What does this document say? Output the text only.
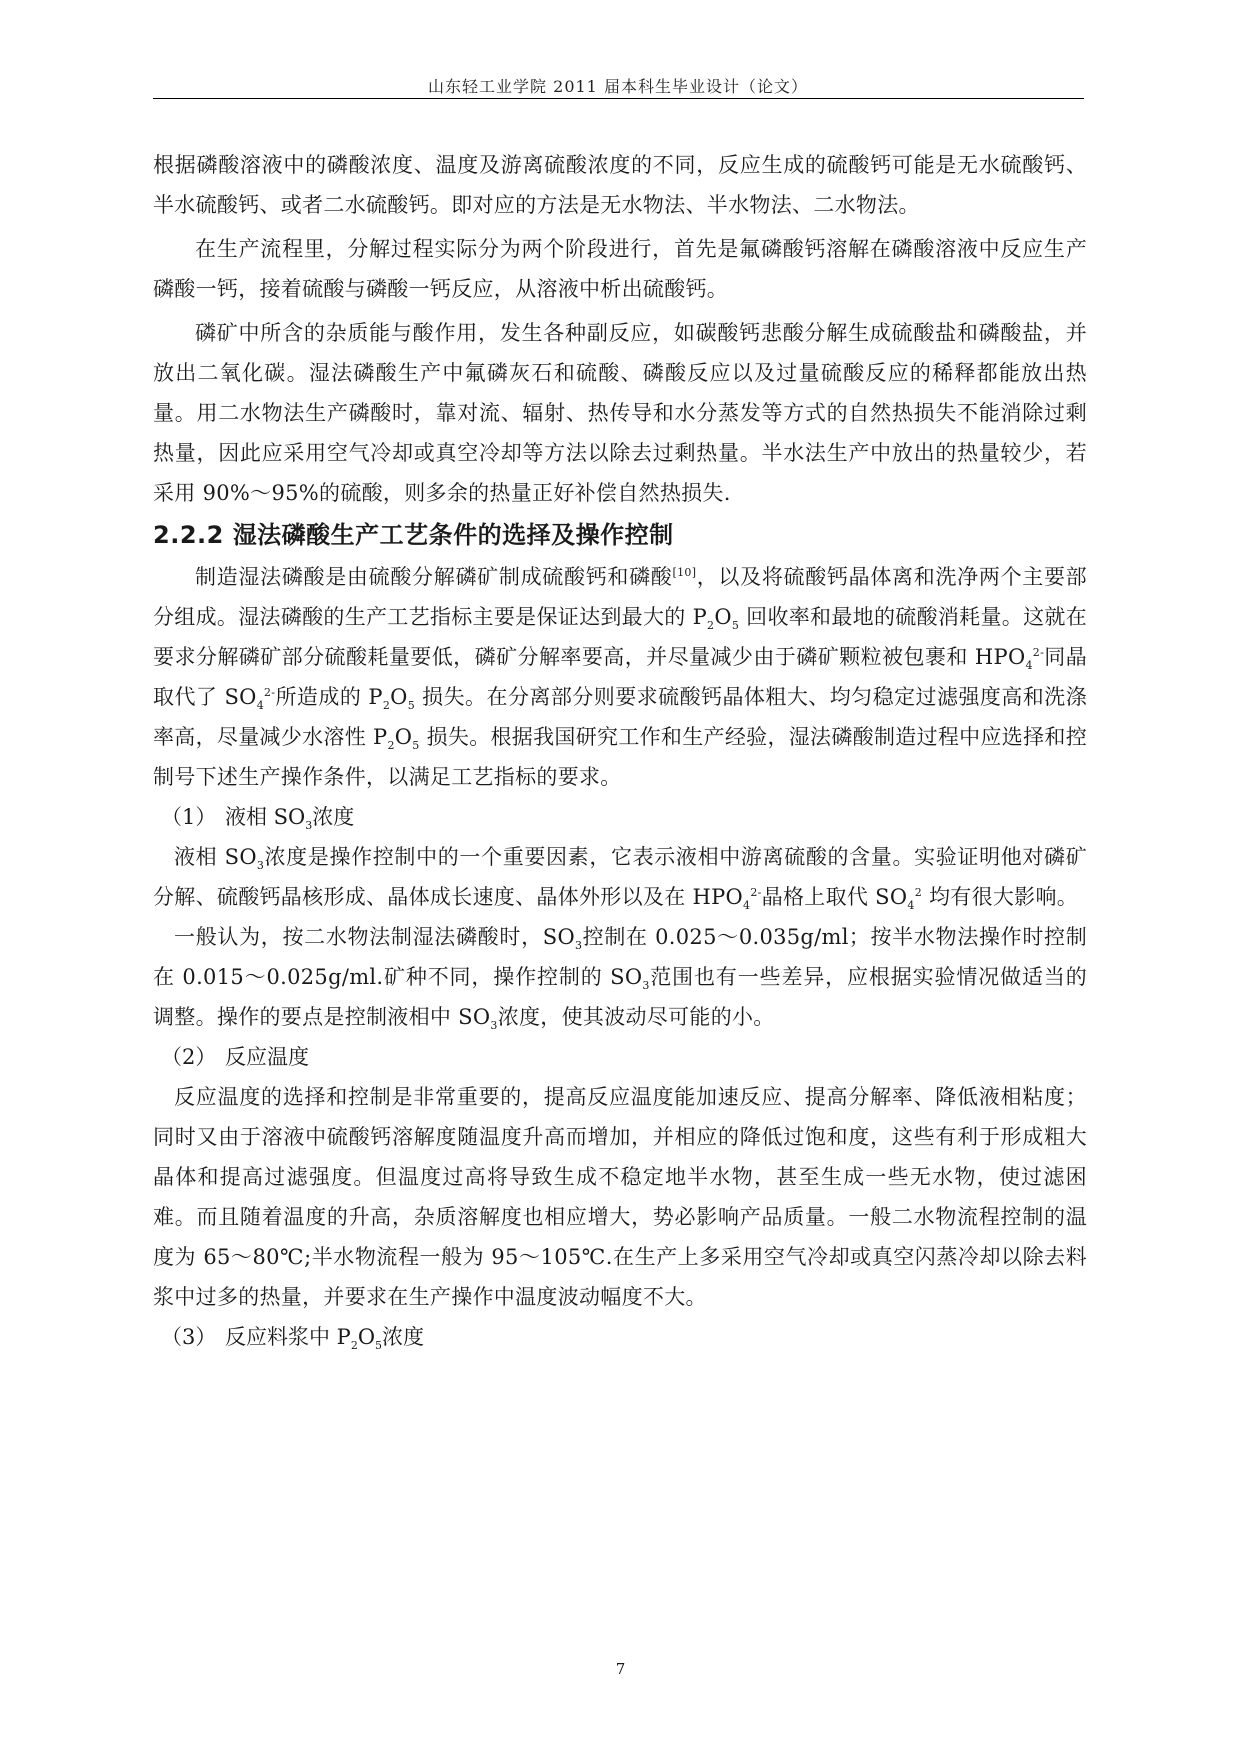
山东轻工业学院 2011 届本科生毕业设计（论文）

根据磷酸溶液中的磷酸浓度、温度及游离硫酸浓度的不同，反应生成的硫酸钙可能是无水硫酸钙、半水硫酸钙、或者二水硫酸钙。即对应的方法是无水物法、半水物法、二水物法。

在生产流程里，分解过程实际分为两个阶段进行，首先是氟磷酸钙溶解在磷酸溶液中反应生产磷酸一钙，接着硫酸与磷酸一钙反应，从溶液中析出硫酸钙。

磷矿中所含的杂质能与酸作用，发生各种副反应，如碳酸钙悲酸分解生成硫酸盐和磷酸盐，并放出二氧化碳。湿法磷酸生产中氟磷灰石和硫酸、磷酸反应以及过量硫酸反应的稀释都能放出热量。用二水物法生产磷酸时，靠对流、辐射、热传导和水分蒸发等方式的自然热损失不能消除过剩热量，因此应采用空气冷却或真空冷却等方法以除去过剩热量。半水法生产中放出的热量较少，若采用 90%～95%的硫酸，则多余的热量正好补偿自然热损失.

2.2.2 湿法磷酸生产工艺条件的选择及操作控制

制造湿法磷酸是由硫酸分解磷矿制成硫酸钙和磷酸[10]，以及将硫酸钙晶体离和洗净两个主要部分组成。湿法磷酸的生产工艺指标主要是保证达到最大的 $P_2O_5$ 回收率和最地的硫酸消耗量。这就在要求分解磷矿部分硫酸耗量要低，磷矿分解率要高，并尽量减少由于磷矿颗粒被包裹和 $HPO_4^{2-}$同晶取代了 $SO_4^{2-}$所造成的 $P_2O_5$ 损失。在分离部分则要求硫酸钙晶体粗大、均匀稳定过滤强度高和洗涤率高，尽量减少水溶性 $P_2O_5$ 损失。根据我国研究工作和生产经验，湿法磷酸制造过程中应选择和控制号下述生产操作条件，以满足工艺指标的要求。

（1） 液相 $SO_3$浓度

液相 $SO_3$浓度是操作控制中的一个重要因素，它表示液相中游离硫酸的含量。实验证明他对磷矿分解、硫酸钙晶核形成、晶体成长速度、晶体外形以及在 $HPO_4^{2-}$晶格上取代 $SO_4^2$ 均有很大影响。

一般认为，按二水物法制湿法磷酸时，$SO_3$控制在 0.025～0.035g/ml；按半水物法操作时控制在 0.015～0.025g/ml.矿种不同，操作控制的 $SO_3$范围也有一些差异，应根据实验情况做适当的调整。操作的要点是控制液相中 $SO_3$浓度，使其波动尽可能的小。

（2） 反应温度

反应温度的选择和控制是非常重要的，提高反应温度能加速反应、提高分解率、降低液相粘度；同时又由于溶液中硫酸钙溶解度随温度升高而增加，并相应的降低过饱和度，这些有利于形成粗大晶体和提高过滤强度。但温度过高将导致生成不稳定地半水物，甚至生成一些无水物，使过滤困难。而且随着温度的升高，杂质溶解度也相应增大，势必影响产品质量。一般二水物流程控制的温度为 65～80℃;半水物流程一般为 95～105℃.在生产上多采用空气冷却或真空闪蒸冷却以除去料浆中过多的热量，并要求在生产操作中温度波动幅度不大。

（3） 反应料浆中 $P_2O_5$浓度

7
